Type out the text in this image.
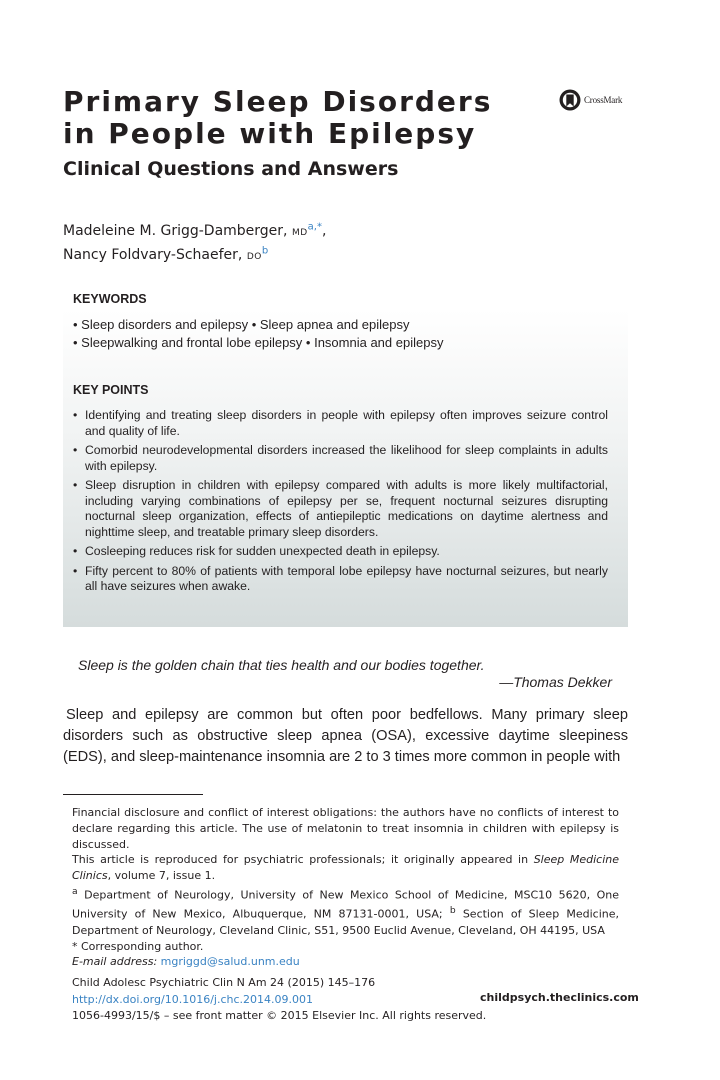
Primary Sleep Disorders in People with Epilepsy
CrossMark
Clinical Questions and Answers
Madeleine M. Grigg-Damberger, $MD^{a,*}$,
Nancy Foldvary-Schaefer, $DO^b$
KEYWORDS
• Sleep disorders and epilepsy • Sleep apnea and epilepsy
• Sleepwalking and frontal lobe epilepsy • Insomnia and epilepsy
KEY POINTS
• Identifying and treating sleep disorders in people with epilepsy often improves seizure control and quality of life.
• Comorbid neurodevelopmental disorders increased the likelihood for sleep complaints in adults with epilepsy.
• Sleep disruption in children with epilepsy compared with adults is more likely multifactorial, including varying combinations of epilepsy per se, frequent nocturnal seizures disrupting nocturnal sleep organization, effects of antiepileptic medications on daytime alertness and nighttime sleep, and treatable primary sleep disorders.
• Cosleeping reduces risk for sudden unexpected death in epilepsy.
• Fifty percent to 80% of patients with temporal lobe epilepsy have nocturnal seizures, but nearly all have seizures when awake.
Sleep is the golden chain that ties health and our bodies together.
—Thomas Dekker

Sleep and epilepsy are common but often poor bedfellows. Many primary sleep disorders such as obstructive sleep apnea (OSA), excessive daytime sleepiness (EDS), and sleep-maintenance insomnia are 2 to 3 times more common in people with

Financial disclosure and conflict of interest obligations: the authors have no conflicts of interest to declare regarding this article. The use of melatonin to treat insomnia in children with epilepsy is discussed.

This article is reproduced for psychiatric professionals; it originally appeared in Sleep Medicine Clinics, volume 7, issue 1.

$^a$ Department of Neurology, University of New Mexico School of Medicine, MSC10 5620, One University of New Mexico, Albuquerque, NM 87131-0001, USA; $^b$ Section of Sleep Medicine, Department of Neurology, Cleveland Clinic, S51, 9500 Euclid Avenue, Cleveland, OH 44195, USA

* Corresponding author.

E-mail address: mgriggd@salud.unm.edu

Child Adolesc Psychiatric Clin N Am 24 (2015) 145–176
http://dx.doi.org/10.1016/j.chc.2014.09.001
1056-4993/15/$ – see front matter © 2015 Elsevier Inc. All rights reserved.
childpsych.theclinics.com
